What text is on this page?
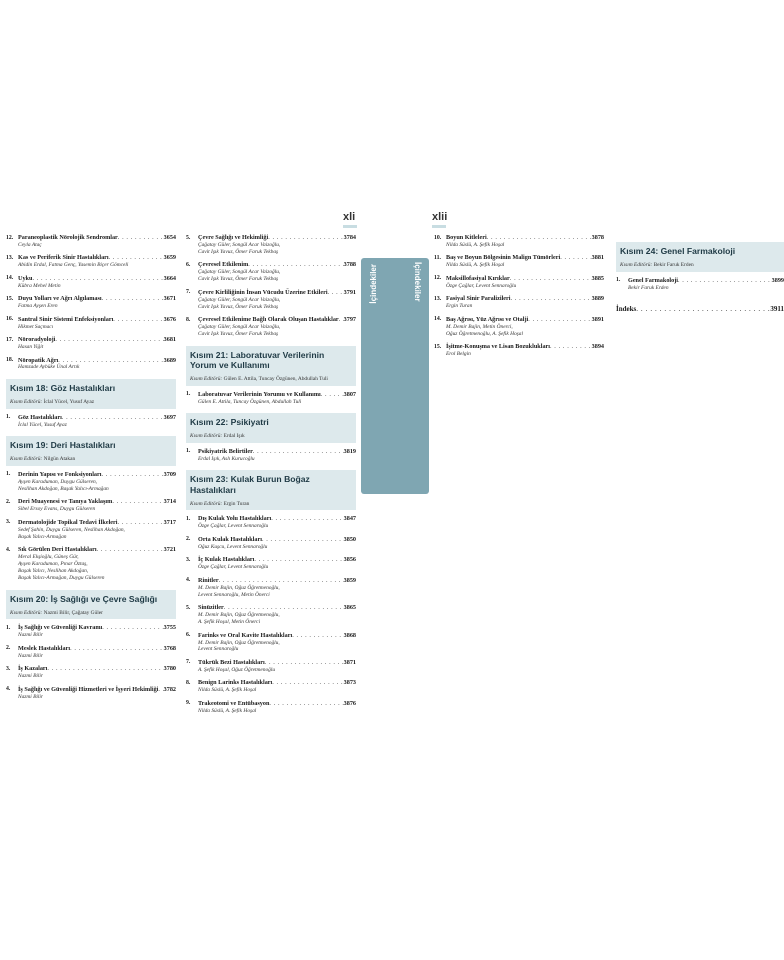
xli	xlii
İçindekiler	İçindekiler
12. Paraneoplastik Nörolojik Sendromlar . . .	3654
Ceyla Ataç
13. Kas ve Periferik Sinir Hastalıkları . . .	3659
Abidin Erdal, Fatma Genç, Yasemin Biçer Gömceli
14. Uyku . . .	3664
Kübra Mehel Metin
15. Duyu Yolları ve Ağrı Algılaması . . .	3671
Fatma Ayşen Eren
16. Santral Sinir Sistemi Enfeksiyonları . . .	3676
Hikmet Saçmacı
17. Nöroradyoloji . . .	3681
Hasan Yiğit
18. Nöropatik Ağrı . . .	3689
Hamzade Aybüke Ünal Artık
Kısım 18: Göz Hastalıkları
Kısım Editörü: İclal Yücel, Yusuf Ayaz
1.	Göz Hastalıkları . . .	3697
İclal Yücel, Yusuf Ayaz
Kısım 19: Deri Hastalıkları
Kısım Editörü: Nilgün Atakan
1.	Derinin Yapısı ve Fonksiyonları . . .	3709
Ayşen Karaduman, Duygu Gülseren,
Neslihan Akdoğan, Başak Yalıcı-Armağan
2.	Deri Muayenesi ve Tanıya Yaklaşım . . .	3714
Sibel Ersoy Evans, Duygu Gülseren
3.	Dermatolojide Topikal Tedavi İlkeleri . . .	3717
Sedef Şahin, Duygu Gülseren, Neslihan Akdoğan,
Başak Yalıcı-Armağan
4.	Sık Görülen Deri Hastalıkları . . .	3721
Meral Ekşioğlu, Güneş Gür,
Ayşen Karaduman, Pınar Öztaş,
Başak Yalıcı, Neslihan Akdoğan,
Başak Yalıcı-Armağan, Duygu Gülseren
Kısım 20: İş Sağlığı ve Çevre Sağlığı
Kısım Editörü: Nazmi Bilir, Çağatay Güler
1.	İş Sağlığı ve Güvenliği Kavramı . . .	3755
Nazmi Bilir
2.	Meslek Hastalıkları . . .	3768
Nazmi Bilir
3.	İş Kazaları . . .	3780
Nazmi Bilir
4.	İş Sağlığı ve Güvenliği Hizmetleri ve İşyeri Hekimliği . . . 3782
Nazmi Bilir
5.	Çevre Sağlığı ve Hekimliği . . .	3784
Çağatay Güler, Songül Acar Vaizoğlu,
Cavit Işık Yavuz, Ömer Faruk Tekbaş
6.	Çevresel Etkilenim . . .	3788
Çağatay Güler, Songül Acar Vaizoğlu,
Cavit Işık Yavuz, Ömer Faruk Tekbaş
7.	Çevre Kirliliğinin İnsan Vücudu Üzerine Etkileri . . .	3791
Çağatay Güler, Songül Acar Vaizoğlu,
Cavit Işık Yavuz, Ömer Faruk Tekbaş
8.	Çevresel Etkilenime Bağlı Olarak Oluşan Hastalıklar . . . 3797
Çağatay Güler, Songül Acar Vaizoğlu,
Cavit Işık Yavuz, Ömer Faruk Tekbaş
Kısım 21: Laboratuvar Verilerinin Yorum ve Kullanımı
Kısım Editörü: Gülen E. Attila, Tuncay Özgünen, Abdullah Tuli
1.	Laboratuvar Verilerinin Yorumu ve Kullanımı . . .	3807
Gülen E. Attila, Tuncay Özgünen, Abdullah Tuli
Kısım 22: Psikiyatri
Kısım Editörü: Erdal Işık
1.	Psikiyatrik Belirtiler . . .	3819
Erdal Işık, Aslı Kurucoğlu
Kısım 23: Kulak Burun Boğaz Hastalıkları
Kısım Editörü: Ergin Turan
1.	Dış Kulak Yolu Hastalıkları . . .	3847
Özge Çağlar, Levent Sennaroğlu
2.	Orta Kulak Hastalıkları . . .	3850
Oğuz Kuşcu, Levent Sennaroğlu
3.	İç Kulak Hastalıkları . . .	3856
Özge Çağlar, Levent Sennaroğlu
4.	Rinitler . . .	3859
M. Demir Bajin, Oğuz Öğretmenoğlu,
Levent Sennaroğlu, Metin Önerci
5.	Sinüzitler . . .	3865
M. Demir Bajin, Oğuz Öğretmenoğlu,
A. Şefik Hoşal, Metin Önerci
6.	Farinks ve Oral Kavite Hastalıkları . . .	3868
M. Demir Bajin, Oğuz Öğretmenoğlu,
Levent Sennaroğlu
7.	Tükrük Bezi Hastalıkları . . .	3871
A. Şefik Hoşal, Oğuz Öğretmenoğlu
8.	Benign Larinks Hastalıkları . . .	3873
Nilda Süslü, A. Şefik Hoşal
9.	Trakeotomi ve Entübasyon . . .	3876
Nilda Süslü, A. Şefik Hoşal
10. Boyun Kitleleri . . .	3878
Nilda Süslü, A. Şefik Hoşal
11. Baş ve Boyun Bölgesinin Malign Tümörleri . . .	3881
Nilda Süslü, A. Şefik Hoşal
12. Maksillofasiyal Kırıklar . . .	3885
Özge Çağlar, Levent Sennaroğlu
13. Fasiyal Sinir Paralizileri . . .	3889
Ergin Turan
14. Baş Ağrısı, Yüz Ağrısı ve Otalji . . .	3891
M. Demir Bajin, Metin Önerci,
Oğuz Öğretmenoğlu, A. Şefik Hoşal
15. İşitme-Konuşma ve Lisan Bozuklukları . . .	3894
Erol Belgin
Kısım 24: Genel Farmakoloji
Kısım Editörü: Bekir Faruk Erden
1.	Genel Farmakoloji . . .	3899
Bekir Faruk Erden
İndeks . . .	3911
